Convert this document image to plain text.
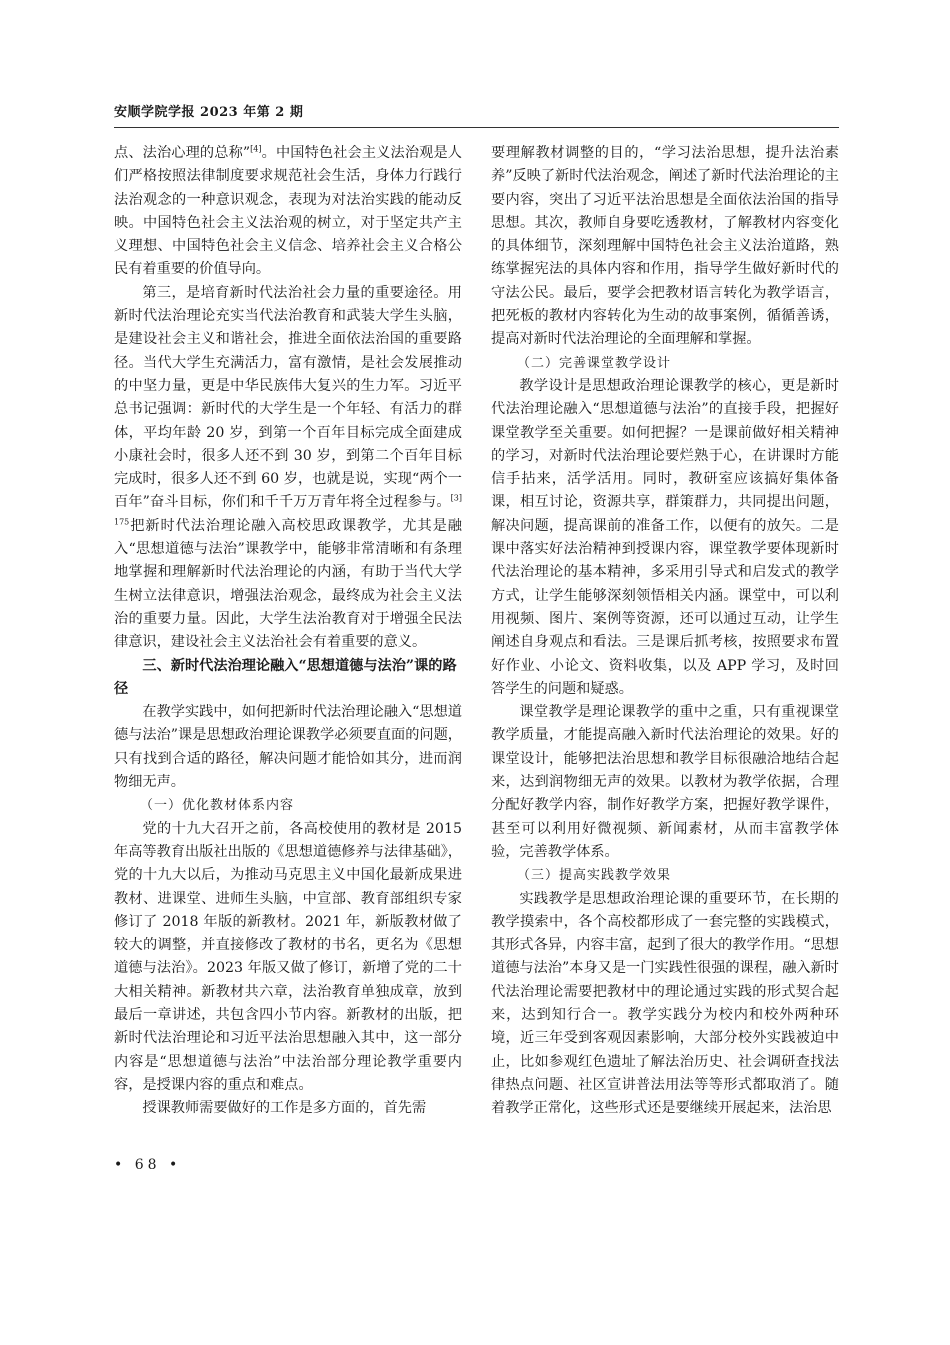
安顺学院学报 2023 年第 2 期

点、法治心理的总称”[4]。中国特色社会主义法治观是人们严格按照法律制度要求规范社会生活，身体力行践行法治观念的一种意识观念，表现为对法治实践的能动反映。中国特色社会主义法治观的树立，对于坚定共产主义理想、中国特色社会主义信念、培养社会主义合格公民有着重要的价值导向。

第三，是培育新时代法治社会力量的重要途径。用新时代法治理论充实当代法治教育和武装大学生头脑，是建设社会主义和谐社会，推进全面依法治国的重要路径。当代大学生充满活力，富有激情，是社会发展推动的中坚力量，更是中华民族伟大复兴的生力军。习近平总书记强调：新时代的大学生是一个年轻、有活力的群体，平均年龄 20 岁，到第一个百年目标完成全面建成小康社会时，很多人还不到 30 岁，到第二个百年目标完成时，很多人还不到 60 岁，也就是说，实现“两个一百年”奋斗目标，你们和千千万万青年将全过程参与。$^{[3]175}$把新时代法治理论融入高校思政课教学，尤其是融入“思想道德与法治”课教学中，能够非常清晰和有条理地掌握和理解新时代法治理论的内涵，有助于当代大学生树立法律意识，增强法治观念，最终成为社会主义法治的重要力量。因此，大学生法治教育对于增强全民法律意识，建设社会主义法治社会有着重要的意义。

三、新时代法治理论融入“思想道德与法治”课的路径

在教学实践中，如何把新时代法治理论融入“思想道德与法治”课是思想政治理论课教学必须要直面的问题，只有找到合适的路径，解决问题才能恰如其分，进而润物细无声。

（一）优化教材体系内容

党的十九大召开之前，各高校使用的教材是 2015 年高等教育出版社出版的《思想道德修养与法律基础》，党的十九大以后，为推动马克思主义中国化最新成果进教材、进课堂、进师生头脑，中宣部、教育部组织专家修订了 2018 年版的新教材。2021 年，新版教材做了较大的调整，并直接修改了教材的书名，更名为《思想道德与法治》。2023 年版又做了修订，新增了党的二十大相关精神。新教材共六章，法治教育单独成章，放到最后一章讲述，共包含四小节内容。新教材的出版，把新时代法治理论和习近平法治思想融入其中，这一部分内容是“思想道德与法治”中法治部分理论教学重要内容，是授课内容的重点和难点。

授课教师需要做好的工作是多方面的，首先需

要理解教材调整的目的，“学习法治思想，提升法治素养”反映了新时代法治观念，阐述了新时代法治理论的主要内容，突出了习近平法治思想是全面依法治国的指导思想。其次，教师自身要吃透教材，了解教材内容变化的具体细节，深刻理解中国特色社会主义法治道路，熟练掌握宪法的具体内容和作用，指导学生做好新时代的守法公民。最后，要学会把教材语言转化为教学语言，把死板的教材内容转化为生动的故事案例，循循善诱，提高对新时代法治理论的全面理解和掌握。

（二）完善课堂教学设计

教学设计是思想政治理论课教学的核心，更是新时代法治理论融入“思想道德与法治”的直接手段，把握好课堂教学至关重要。如何把握？一是课前做好相关精神的学习，对新时代法治理论要烂熟于心，在讲课时方能信手拈来，活学活用。同时，教研室应该搞好集体备课，相互讨论，资源共享，群策群力，共同提出问题，解决问题，提高课前的准备工作，以便有的放矢。二是课中落实好法治精神到授课内容，课堂教学要体现新时代法治理论的基本精神，多采用引导式和启发式的教学方式，让学生能够深刻领悟相关内涵。课堂中，可以利用视频、图片、案例等资源，还可以通过互动，让学生阐述自身观点和看法。三是课后抓考核，按照要求布置好作业、小论文、资料收集，以及 APP 学习，及时回答学生的问题和疑惑。

课堂教学是理论课教学的重中之重，只有重视课堂教学质量，才能提高融入新时代法治理论的效果。好的课堂设计，能够把法治思想和教学目标很融洽地结合起来，达到润物细无声的效果。以教材为教学依据，合理分配好教学内容，制作好教学方案，把握好教学课件，甚至可以利用好微视频、新闻素材，从而丰富教学体验，完善教学体系。

（三）提高实践教学效果

实践教学是思想政治理论课的重要环节，在长期的教学摸索中，各个高校都形成了一套完整的实践模式，其形式各异，内容丰富，起到了很大的教学作用。“思想道德与法治”本身又是一门实践性很强的课程，融入新时代法治理论需要把教材中的理论通过实践的形式契合起来，达到知行合一。教学实践分为校内和校外两种环境，近三年受到客观因素影响，大部分校外实践被迫中止，比如参观红色遗址了解法治历史、社会调研查找法律热点问题、社区宣讲普法用法等等形式都取消了。随着教学正常化，这些形式还是要继续开展起来，法治思

• 68 •
